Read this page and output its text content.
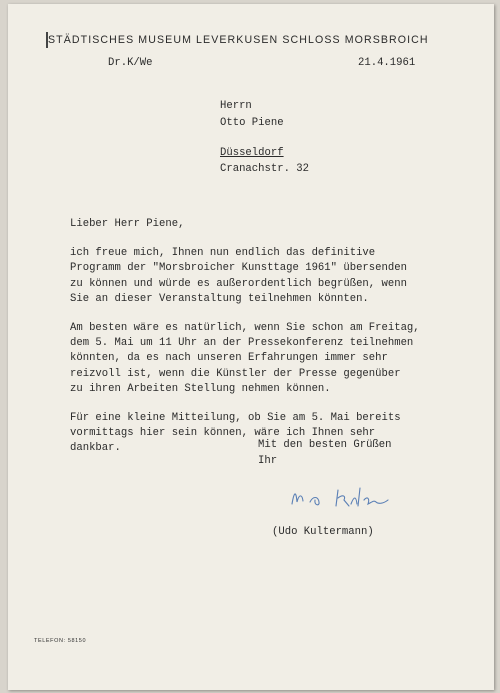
STÄDTISCHES MUSEUM LEVERKUSEN SCHLOSS MORSBROICH
Dr.K/We	21.4.1961
Herrn
Otto Piene
Düsseldorf
Cranachstr. 32
Lieber Herr Piene,
ich freue mich, Ihnen nun endlich das definitive
Programm der "Morsbroicher Kunsttage 1961" übersenden
zu können und würde es außerordentlich begrüßen, wenn
Sie an dieser Veranstaltung teilnehmen könnten.
Am besten wäre es natürlich, wenn Sie schon am Freitag,
dem 5. Mai um 11 Uhr an der Pressekonferenz teilnehmen
könnten, da es nach unseren Erfahrungen immer sehr
reizvoll ist, wenn die Künstler der Presse gegenüber
zu ihren Arbeiten Stellung nehmen können.
Für eine kleine Mitteilung, ob Sie am 5. Mai bereits
vormittags hier sein können, wäre ich Ihnen sehr
dankbar.	Mit den besten Grüßen
Ihr
(Udo Kultermann)
TELEFON: 58150
